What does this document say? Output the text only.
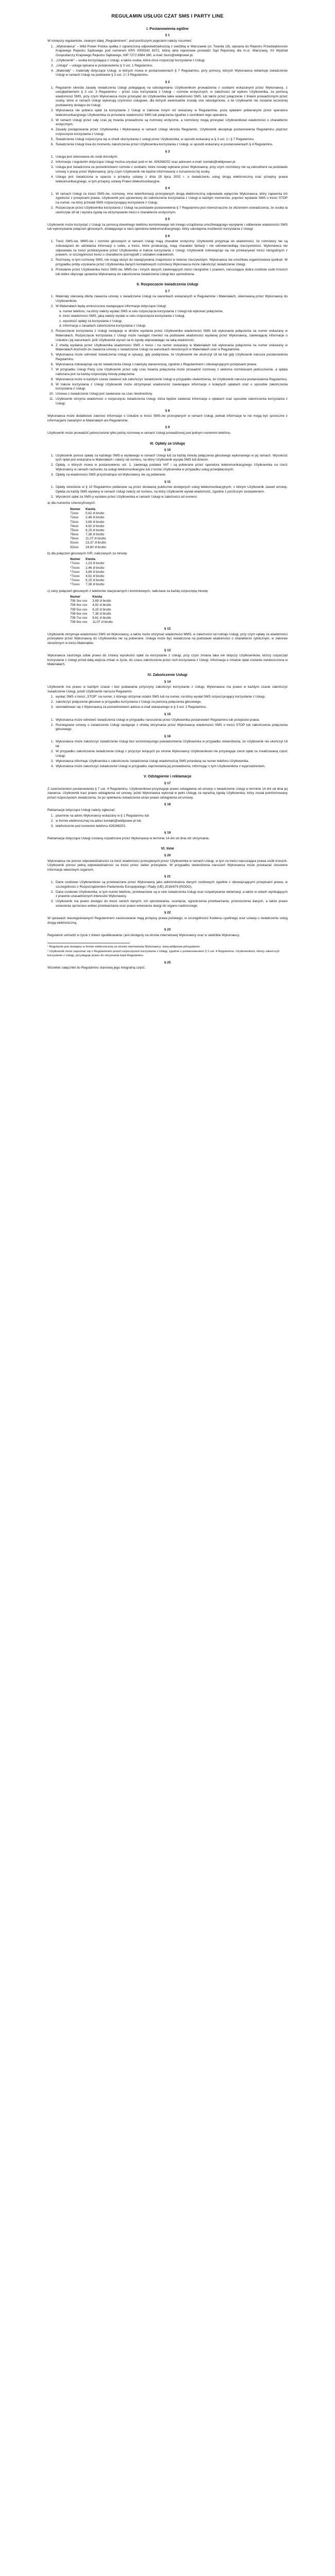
REGULAMIN USŁUGI CZAT SMS I PARTY LINE
I. Postanowienia ogólne
§ 1

W niniejszy regulaminie, zwanym dalej „Regulaminem”, pod poniższymi pojęciami należy rozumieć:

1. „Wykonawca” – Wild Power Polska spółka z ograniczoną odpowiedzialnością z siedzibą w Warszawie (ul. Twarda 18), wpisana do Rejestru Przedsiębiorców Krajowego Rejestru Sądowego pod numerem KRS 0000342 8372, której akta rejestrowe prowadzi Sąd Rejonowy dla m.st. Warszawy, XII Wydział Gospodarczy Krajowego Rejestru Sądowego, NIP 7272 6984 380, e-mail: biuro@wildpower.pl.
2. „Użytkownik” – osoba korzystająca z Usługi, a także osoba, która chce rozpocząć korzystanie z Usługi.
3. „Usługa” – usługa opisana w postanowieniu § 3 ust. 1 Regulaminu.
4. „Materiały” – materiały dotyczące Usługi, w których mowa w postanowieniach § 7 Regulaminu, przy pomocy, których Wykonawca reklamuje świadczenie Usługi w ramach Usługi na podstawie § 3 ust. 2 i 3 Regulaminu.
§ 2
1. Regulamin określa zasady świadczenia Usługi polegającej na udostępnianiu Użytkownikom prowadzenia z osobami wskazanymi przez Wykonawcę, z uwzględnieniem § 3 ust. 3 Regulaminu – przez czas korzystania z Usługi – rozmów erotycznych, w zależności od wyboru Użytkownika, za pomocą wiadomości SMS, przy czym Wykonawca może przesyłać do Użytkownika takie wiadomości SMS, lub także przez połączenie z liniami prowadzonymi przez osoby, które w ramach Usługi wykonują czynności usługowe, dla których ewentualnie zostały one udostępnione, o ile Użytkownik nie zostanie wcześniej pozbawiony dostępu do Usługi.
2. Wykonawca nie pobiera opłat za korzystanie z Usługi w zakresie innym niż wskazany w Regulaminie, poza opłatami pobieranymi przez operatora telekomunikacyjnego Użytkownika za przesłane wiadomości SMS lub połączenia zgodnie z cennikiem tego operatora.
3. W ramach Usługi przez cały czas jej trwania prowadzone są rozmowy erotyczne, a rozmówcy mogą przesyłać Użytkownikowi wiadomości o charakterze erotycznym.
4. Zasady postępowania przez Użytkownika i Wykonawcę w ramach Usługi określa Regulamin, Użytkownik akceptuje postanowienia Regulaminu poprzez rozpoczęcie korzystania z Usługi.
5. Świadczenie Usługi rozpoczyna się w chwili skorzystania z usługi przez Użytkownika, w sposób wskazany w § 3 ust. 1 i § 7 Regulaminu.
6. Świadczenie Usługi trwa do momentu zakończenia przez Użytkownika korzystania z Usługi, w sposób wskazany w postanowieniach § 4 Regulaminu.
§ 3
1. Usługa jest skierowana do osób dorosłych.
2. Informacje i regulamin dotyczące Usługi można uzyskać pod nr tel. 426268202 oraz adresem e-mail: kontakt@wildpower.pl.
3. Usługa jest świadczona za pośrednictwem rozmów z osobami, które zostały wybrane przez Wykonawcę, przy czym rozmówcy nie są zatrudnieni na podstawie umowy o pracę przez Wykonawcę; przy czym Użytkownik nie będzie informowany o tożsamości tej osoby.
4. Usługa jest świadczona w oparciu o przepisy ustawy z dnia 18 lipca 2002 r. o świadczeniu usług drogą elektroniczną oraz przepisy prawa telekomunikacyjnego, w tym przepisy ustawy Prawo telekomunikacyjne.
§ 4
1. W ramach Usługi za treści SMS-ów, rozmowy, inne teleinformacji przesyłanych drogą elektroniczną odpowiada wyłącznie Wykonawca, który zapewnia ich zgodność z przepisami prawa. Użytkownik jest uprawniony do zakończenia korzystania z Usługi w każdym momencie, poprzez wysłanie SMS o treści STOP na numer, na który przesłał SMS rozpoczynający korzystanie z Usługi.
2. Rozpoczęcie przez Użytkownika korzystania z Usługi na podstawie postanowienia § 7 Regulaminu jest równoznaczne ze złożeniem oświadczenia, że osoba ta ukończyła 18 lat i wyraża zgodę na otrzymywanie treści o charakterze erotycznym.
§ 5

Użytkownik może korzystać z Usługi za pomocą dowolnego telefonu komórkowego lub innego urządzenia umożliwiającego wysyłanie i odbieranie wiadomości SMS lub wykonywanie połączeń głosowych, działającego w sieci operatora telekomunikacyjnego, który udostępnia możliwość korzystania z Usługi.

§ 6
1. Treść SMS-ów, MMS-ów i rozmów głosowych w ramach Usługi mają charakter erotyczny. Użytkownik przyjmuje do wiadomości, że rozmówcy nie są zobowiązani do udzielania informacji o sobie, a treści, które przekazują, mają charakter fantazji i nie odzwierciedlają rzeczywistości. Wykonawca nie odpowiada za treści przekazywane przez Użytkownika w trakcie korzystania z Usługi; Użytkownik zobowiązuje się nie przekazywać treści niezgodnych z prawem, w szczególności treści o charakterze pornografii z udziałem małoletnich.
2. Rozmowy, w tym rozmowy SMS, nie mogą służyć do nawiązywania znajomości w świecie rzeczywistym. Wykonawca nie umożliwia organizowania spotkań. W przypadku próby uzyskania przez Użytkownika danych kontaktowych rozmówcy Wykonawca może zakończyć świadczenie Usługi.
3. Przesłanie przez Użytkownika treści SMS-ów, MMS-ów i innych danych zawierających treści niezgodne z prawem, naruszające dobra osobiste osób trzecich lub dobre obyczaje uprawnia Wykonawcę do zakończenia świadczenia Usługi bez uprzedzenia.
II. Rozpoczęcie świadczenia Usługi
§ 7
1. Materiały stanowią ofertę zawarcia umowy o świadczenie Usługi na warunkach wskazanych w Regulaminie i Materiałach, skierowaną przez Wykonawcę do Użytkowników.
2. W Materiałach będą umieszczone następujące informacje dotyczące Usługi:
a. numer telefonu, na który należy wysłać SMS w celu rozpoczęcia korzystania z Usługi lub wykonać połączenie,
b. treść wiadomości SMS, jaką należy wysłać w celu rozpoczęcia korzystania z Usługi,
c. wysokość opłaty za korzystanie z Usługi,
d. informacja o zasadach zakończenia korzystania z Usługi.
3. Rozpoczęcie korzystania z Usługi następuje w drodze wysłania przez Użytkownika wiadomości SMS lub wykonania połączenia na numer wskazany w Materiałach. Rozpoczęcie korzystania z Usługi może nastąpić również na podstawie wiadomości wysłanej przez Wykonawcę, zawierającej informacje o Usłudze i jej warunkach, jeśli Użytkownik wyrazi na to zgodę odpowiadając na taką wiadomość.
4. Z chwilą wysłania przez Użytkownika wiadomości SMS o treści i na numer wskazany w Materiałach lub wykonania połączenia na numer wskazany w Materiałach dochodzi do zawarcia umowy o świadczenie Usługi na warunkach określonych w Materiałach oraz w Regulaminie.
5. Wykonawca może odmówić świadczenia Usługi w sytuacji, gdy podejrzewa, że Użytkownik nie ukończył 18 lat lub gdy Użytkownik narusza postanowienia Regulaminu.
6. Wykonawca zobowiązuje się do świadczenia Usługi z należytą starannością, zgodnie z Regulaminem i obowiązującymi przepisami prawa.
7. W przypadku Usługi Party Line Użytkownik przez cały czas trwania połączenia może prowadzić rozmowy z wieloma rozmówcami jednocześnie, a opłata naliczana jest za każdą rozpoczętą minutę połączenia.
8. Wykonawca może w każdym czasie zawiesić lub zakończyć świadczenie Usługi w przypadku stwierdzenia, że Użytkownik narusza postanowienia Regulaminu.
9. W trakcie korzystania z Usługi Użytkownik może otrzymywać wiadomości zawierające informacje o kolejnych opłatach oraz o sposobie zakończenia korzystania z Usługi.
10. Umowa o świadczenie Usługi jest zawierana na czas nieokreślony.
11. Użytkownik otrzyma wiadomość o rozpoczęciu świadczenia Usługi, która będzie zawierać informacje o opłatach oraz sposobie zakończenia korzystania z Usługi.
§ 8

Wykonawca może dodatkowo zawrzeć informacje o Usłudze w treści SMS-ów przesyłanych w ramach Usługi, jednak informacje te nie mogą być sprzeczne z informacjami zawartymi w Materiałach ani Regulaminie.

§ 9

Użytkownik może prowadzić jednocześnie tylko jedną rozmowę w ramach Usługi prowadzonej pod jednym numerem telefonu.

III. Opłaty za Usługę
§ 10
1. Użytkownik ponosi opłatę za każdego SMS-a wysłanego w ramach Usługi lub za każdą minutę połączenia głosowego wykonanego w jej ramach. Wysokość tych opłat jest wskazana w Materiałach i zależy od numeru, na który Użytkownik wysyła SMS lub dzwoni.
2. Opłaty, o których mowa w postanowieniu ust. 1, zawierają podatek VAT i są pobierane przez operatora telekomunikacyjnego Użytkownika na rzecz Wykonawcy w ramach rachunku za usługi telekomunikacyjne lub z konta Użytkownika w przypadku usług przedpłaconych.
3. Opłaty za wiadomości SMS przychodzące od Wykonawcy nie są pobierane.
§ 11
1. Opłaty określone w § 10 Regulaminu pobierane są przez dostawcę publicznie dostępnych usług telekomunikacyjnych, z którym Użytkownik zawarł umowę. Opłata za każdy SMS wysłany w ramach Usługi zależy od numeru, na który Użytkownik wysłał wiadomość, zgodnie z poniższym zestawieniem.
2. Wysokość opłat za SMS-y wysłane przez Użytkownika w ramach Usługi w zależności od numeru:

a) dla numerów czterocyfrowych:

Numer	Kwota
71xxx	0,62 zł brutto
72xxx	2,46 zł brutto
73xxx	3,69 zł brutto
74xxx	4,92 zł brutto
75xxx	6,15 zł brutto
76xxx	7,38 zł brutto
79xxx	11,07 zł brutto
91xxx	23,37 zł brutto
92xxx	24,60 zł brutto

b) dla połączeń głosowych IVR, naliczanych za minutę:

Numer	Kwota
*7xxxx	1,23 zł brutto
*7xxxx	2,46 zł brutto
*7xxxx	3,69 zł brutto
*7xxxx	4,92 zł brutto
*7xxxx	6,15 zł brutto
*7xxxx	7,38 zł brutto

c) ceny połączeń głosowych z telefonów stacjonarnych i komórkowych, naliczane za każdą rozpoczętą minutę:

Numer	Kwota
708 3xx xxx	3,69 zł brutto
708 4xx xxx	4,92 zł brutto
708 5xx xxx	6,15 zł brutto
708 6xx xxx	7,38 zł brutto
708 7xx xxx	8,61 zł brutto
708 9xx xxx	11,07 zł brutto
§ 12

Użytkownik otrzymuje wiadomości SMS od Wykonawcy, a także może otrzymać wiadomości MMS, w zależności od rodzaju Usługi, przy czym opłaty za wiadomości przesyłane przez Wykonawcę do Użytkownika nie są pobierane. Usługa może być świadczona na podstawie wiadomości o charakterze cyklicznym, w zakresie określonym w treści Materiałów.

§ 13

Wykonawca zastrzega sobie prawo do zmiany wysokości opłat za korzystanie z Usługi, przy czym zmiana taka nie dotyczy Użytkowników, którzy rozpoczęli korzystanie z Usługi przed datą wejścia zmian w życie, do czasu zakończenia przez nich korzystania z Usługi. Informacja o zmianie opłat zostanie zamieszczona w Materiałach.

IV. Zakończenie Usługi
§ 14

Użytkownik ma prawo w każdym czasie i bez podawania przyczyny zakończyć korzystanie z Usługi. Wykonawca ma prawo w każdym czasie zakończyć świadczenie Usługi, jeżeli Użytkownik narusza Regulamin.

1. wysłać SMS o treści „STOP” na numer, z którego otrzymał ostatni SMS lub na numer, na który wysłał SMS rozpoczynający korzystanie z Usługi,
2. zakończyć połączenie głosowe w przypadku korzystania z Usługi za pomocą połączenia głosowego,
3. skontaktować się z Wykonawcą za pośrednictwem adresu e-mail wskazanego w § 3 ust. 2 Regulaminu.
§ 15
1. Wykonawca może odmówić świadczenia Usługi w przypadku naruszenia przez Użytkownika postanowień Regulaminu lub przepisów prawa.
2. Rozwiązanie umowy o świadczenie Usługi następuje z chwilą otrzymania przez Wykonawcę wiadomości SMS o treści STOP lub zakończenia połączenia głosowego.
§ 16
1. Wykonawca może zakończyć świadczenie Usługi bez wcześniejszego powiadomienia Użytkownika w przypadku stwierdzenia, że Użytkownik nie ukończył 18 lat.
2. W przypadku zakończenia świadczenia Usługi z przyczyn leżących po stronie Wykonawcy Użytkownikowi nie przysługuje zwrot opłat za zrealizowaną część Usługi.
3. Wykonawca informuje Użytkownika o zakończeniu świadczenia Usługi wiadomością SMS przesłaną na numer telefonu Użytkownika.
4. Wykonawca może zakończyć świadczenie Usługi w przypadku zaprzestania jej prowadzenia, informując o tym Użytkowników z wyprzedzeniem.
V. Odstąpienie i reklamacje
§ 17

Z zastrzeżeniem postanowienia § 7 ust. 4 Regulaminu, Użytkownikowi przysługuje prawo odstąpienia od umowy o świadczenie Usługi w terminie 14 dni od dnia jej zawarcia. Użytkownik traci prawo odstąpienia od umowy, jeżeli Wykonawca wykonał w pełni Usługę za wyraźną zgodą Użytkownika, który został poinformowany przed rozpoczęciem świadczenia, że po spełnieniu świadczenia utraci prawo odstąpienia od umowy.

§ 18

Reklamacje dotyczące Usługi należy zgłaszać:

1. pisemnie na adres Wykonawcy wskazany w § 1 Regulaminu lub
2. w formie elektronicznej na adres kontakt@wildpower.pl lub
3. telefonicznie pod numerem telefonu 426268202.
§ 19

Reklamacje dotyczące Usługi zostaną rozpatrzone przez Wykonawcę w terminie 14 dni od dnia ich otrzymania.

VI. Inne
§ 20

Wykonawca nie ponosi odpowiedzialności za treść wiadomości przesyłanych przez Użytkownika w ramach Usługi, w tym za treści naruszające prawa osób trzecich. Użytkownik ponosi pełną odpowiedzialność za treści przez siebie przesyłane. W przypadku stwierdzenia naruszeń Wykonawca może przekazać stosowne informacje właściwym organom.

§ 21
1. Dane osobowe Użytkowników są przetwarzane przez Wykonawcę jako administratora danych osobowych zgodnie z obowiązującymi przepisami prawa, w szczególności z Rozporządzeniem Parlamentu Europejskiego i Rady (UE) 2016/679 (RODO).
2. Dane osobowe Użytkownika, w tym numer telefonu, przetwarzane są w celu świadczenia Usługi oraz rozpatrywania reklamacji, a także w celach wynikających z prawnie uzasadnionych interesów Wykonawcy.
3. Użytkownik ma prawo dostępu do treści swoich danych, ich sprostowania, usunięcia, ograniczenia przetwarzania, przenoszenia danych, a także prawo wniesienia sprzeciwu wobec przetwarzania oraz prawo wniesienia skargi do organu nadzorczego.
§ 22

W sprawach nieuregulowanych Regulaminem zastosowanie mają przepisy prawa polskiego, w szczególności Kodeksu cywilnego oraz ustawy o świadczeniu usług drogą elektroniczną.

§ 23

Regulamin wchodzi w życie z dniem opublikowania i jest dostępny na stronie internetowej Wykonawcy oraz w siedzibie Wykonawcy.

¹ Regulamin jest dostępny w formie elektronicznej na stronie internetowej Wykonawcy: www.wildpower.pl/regulamin

² Użytkownik może zapoznać się z Regulaminem przed rozpoczęciem korzystania z Usługi, zgodnie z postanowieniem § 2 ust. 4 Regulaminu. Użytkownikom, którzy zakończyli korzystanie z Usługi, przysługuje prawo do otrzymania kopii Regulaminu.

§ 25

Wszelkie załączniki do Regulaminu stanowią jego integralną część.
